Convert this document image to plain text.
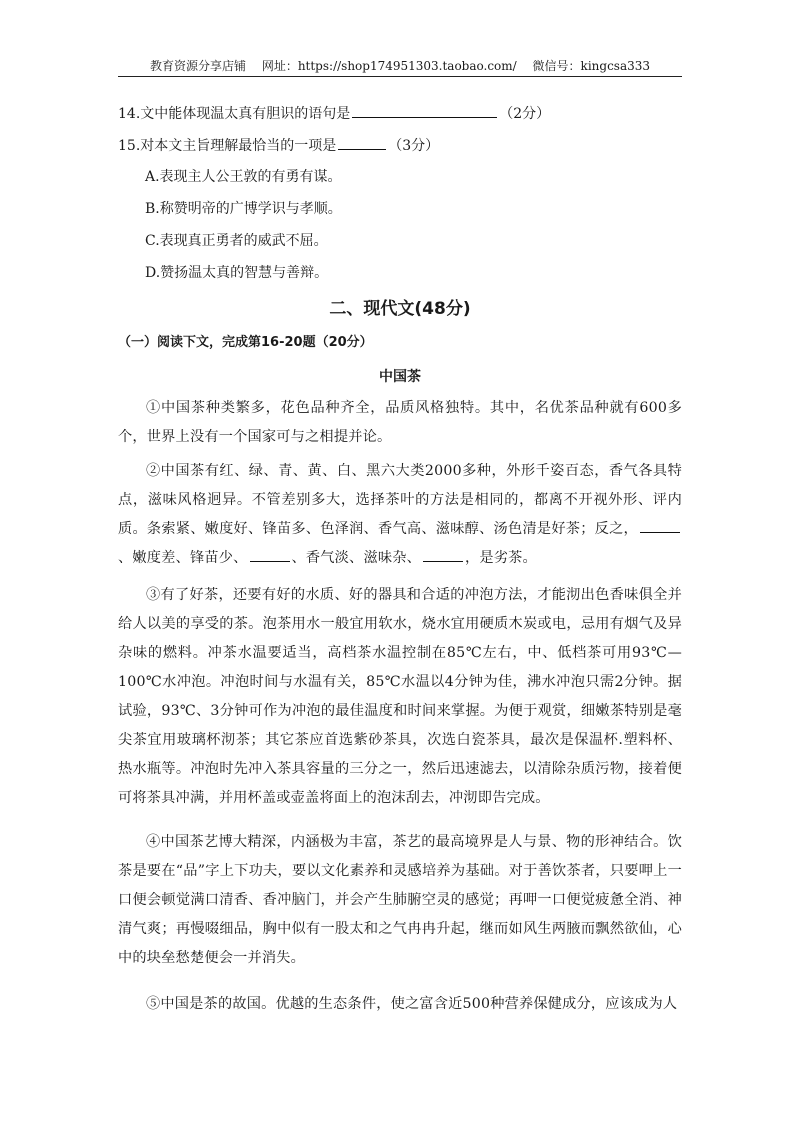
教育资源分享店铺 网址：https://shop174951303.taobao.com/ 微信号：kingcsa333
14.文中能体现温太真有胆识的语句是	（2分）
15.对本文主旨理解最恰当的一项是	（3分）
A.表现主人公王敦的有勇有谋。
B.称赞明帝的广博学识与孝顺。
C.表现真正勇者的威武不屈。
D.赞扬温太真的智慧与善辩。
二、现代文(48分)
（一）阅读下文，完成第16-20题（20分）
中国茶
①中国茶种类繁多，花色品种齐全，品质风格独特。其中，名优茶品种就有600多个，世界上没有一个国家可与之相提并论。
②中国茶有红、绿、青、黄、白、黑六大类2000多种，外形千姿百态，香气各具特点，滋味风格迥异。不管差别多大，选择茶叶的方法是相同的，都离不开视外形、评内质。条索紧、嫩度好、锋苗多、色泽润、香气高、滋味醇、汤色清是好茶；反之，、嫩度差、锋苗少、	、香气淡、滋味杂、	，是劣茶。
③有了好茶，还要有好的水质、好的器具和合适的冲泡方法，才能沏出色香味俱全并给人以美的享受的茶。泡茶用水一般宜用软水，烧水宜用硬质木炭或电，忌用有烟气及异杂味的燃料。冲茶水温要适当，高档茶水温控制在85℃左右，中、低档茶可用93℃—100℃水冲泡。冲泡时间与水温有关，85℃水温以4分钟为佳，沸水冲泡只需2分钟。据试验，93℃、3分钟可作为冲泡的最佳温度和时间来掌握。为便于观赏，细嫩茶特别是毫尖茶宜用玻璃杯沏茶；其它茶应首选紫砂茶具，次选白瓷茶具，最次是保温杯.塑料杯、热水瓶等。冲泡时先冲入茶具容量的三分之一，然后迅速滤去，以清除杂质污物，接着便可将茶具冲满，并用杯盖或壶盖将面上的泡沫刮去，冲沏即告完成。
④中国茶艺博大精深，内涵极为丰富，茶艺的最高境界是人与景、物的形神结合。饮茶是要在“品”字上下功夫，要以文化素养和灵感培养为基础。对于善饮茶者，只要呷上一口便会顿觉满口清香、香冲脑门，并会产生肺腑空灵的感觉；再呷一口便觉疲惫全消、神清气爽；再慢啜细品，胸中似有一股太和之气冉冉升起，继而如风生两腋而飘然欲仙，心中的块垒愁楚便会一并消失。
⑤中国是茶的故国。优越的生态条件，使之富含近500种营养保健成分，应该成为人
